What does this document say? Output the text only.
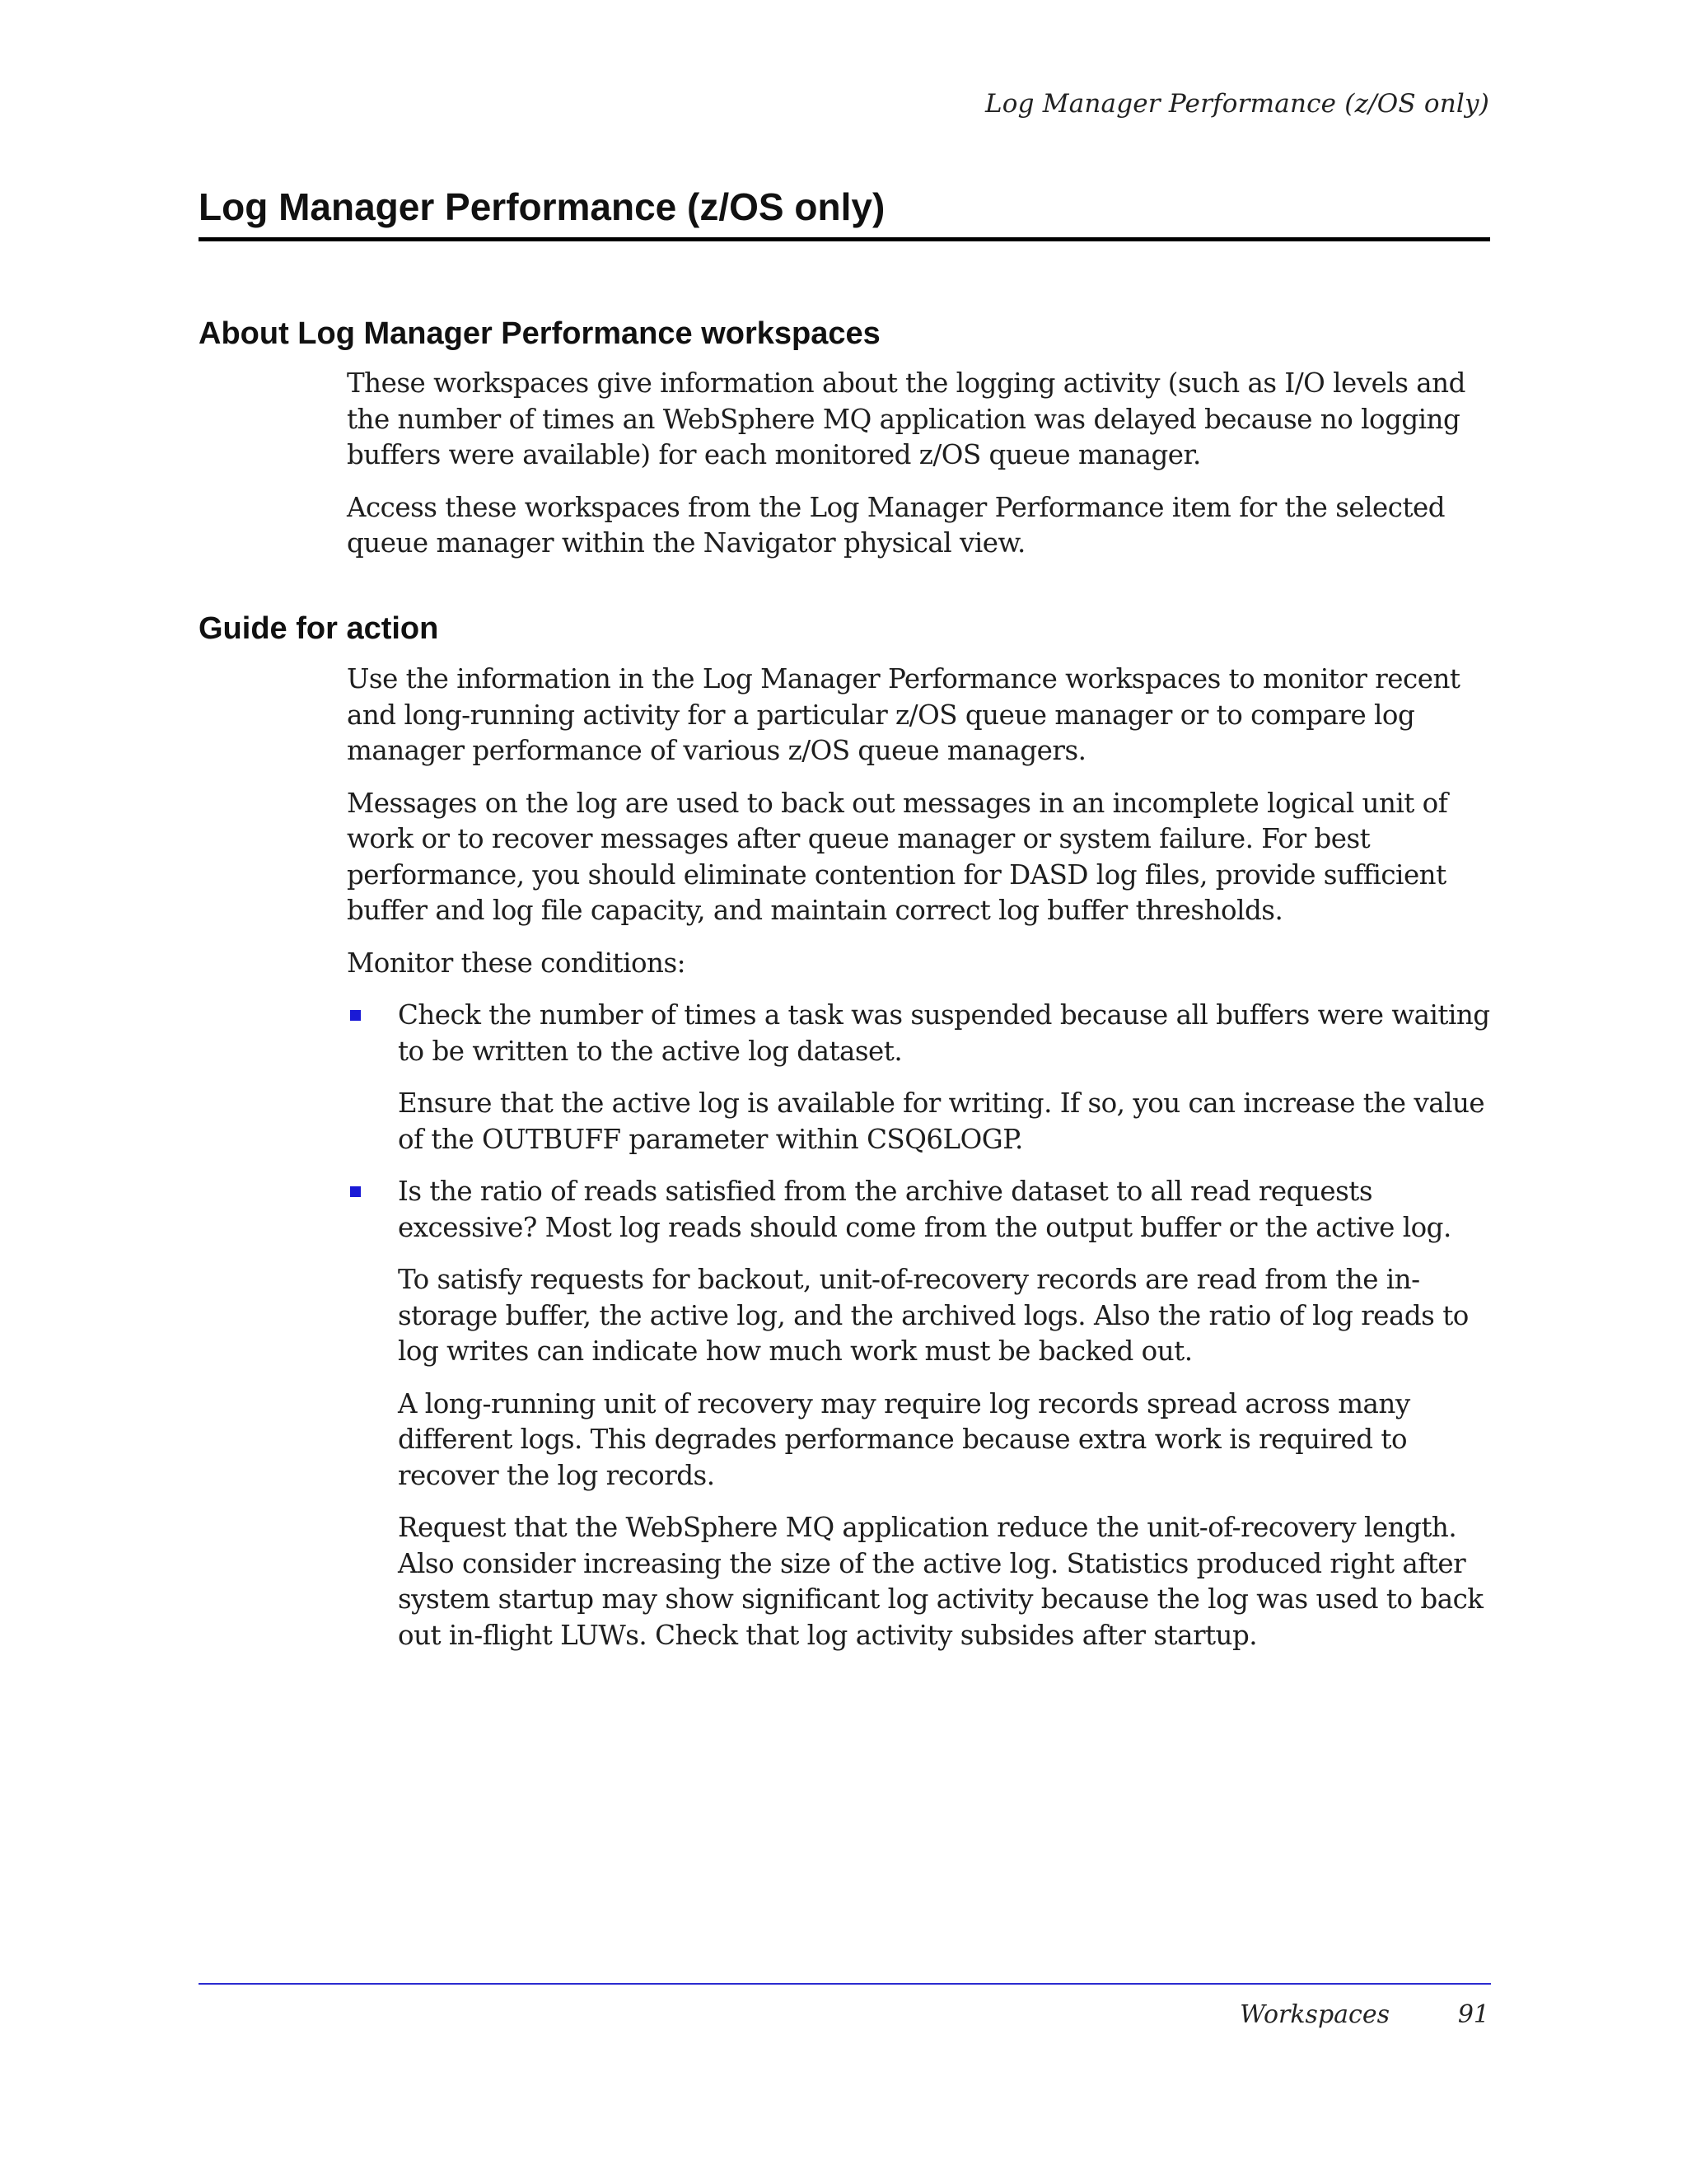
Log Manager Performance (z/OS only)
Log Manager Performance (z/OS only)
About Log Manager Performance workspaces

These workspaces give information about the logging activity (such as I/O levels and the number of times an WebSphere MQ application was delayed because no logging buffers were available) for each monitored z/OS queue manager.

Access these workspaces from the Log Manager Performance item for the selected queue manager within the Navigator physical view.

Guide for action

Use the information in the Log Manager Performance workspaces to monitor recent and long-running activity for a particular z/OS queue manager or to compare log manager performance of various z/OS queue managers.

Messages on the log are used to back out messages in an incomplete logical unit of work or to recover messages after queue manager or system failure. For best performance, you should eliminate contention for DASD log files, provide sufficient buffer and log file capacity, and maintain correct log buffer thresholds.

Monitor these conditions:

Check the number of times a task was suspended because all buffers were waiting to be written to the active log dataset.

Ensure that the active log is available for writing. If so, you can increase the value of the OUTBUFF parameter within CSQ6LOGP.

Is the ratio of reads satisfied from the archive dataset to all read requests excessive? Most log reads should come from the output buffer or the active log.

To satisfy requests for backout, unit-of-recovery records are read from the in-storage buffer, the active log, and the archived logs. Also the ratio of log reads to log writes can indicate how much work must be backed out.

A long-running unit of recovery may require log records spread across many different logs. This degrades performance because extra work is required to recover the log records.

Request that the WebSphere MQ application reduce the unit-of-recovery length. Also consider increasing the size of the active log. Statistics produced right after system startup may show significant log activity because the log was used to back out in-flight LUWs. Check that log activity subsides after startup.

Workspaces	91
